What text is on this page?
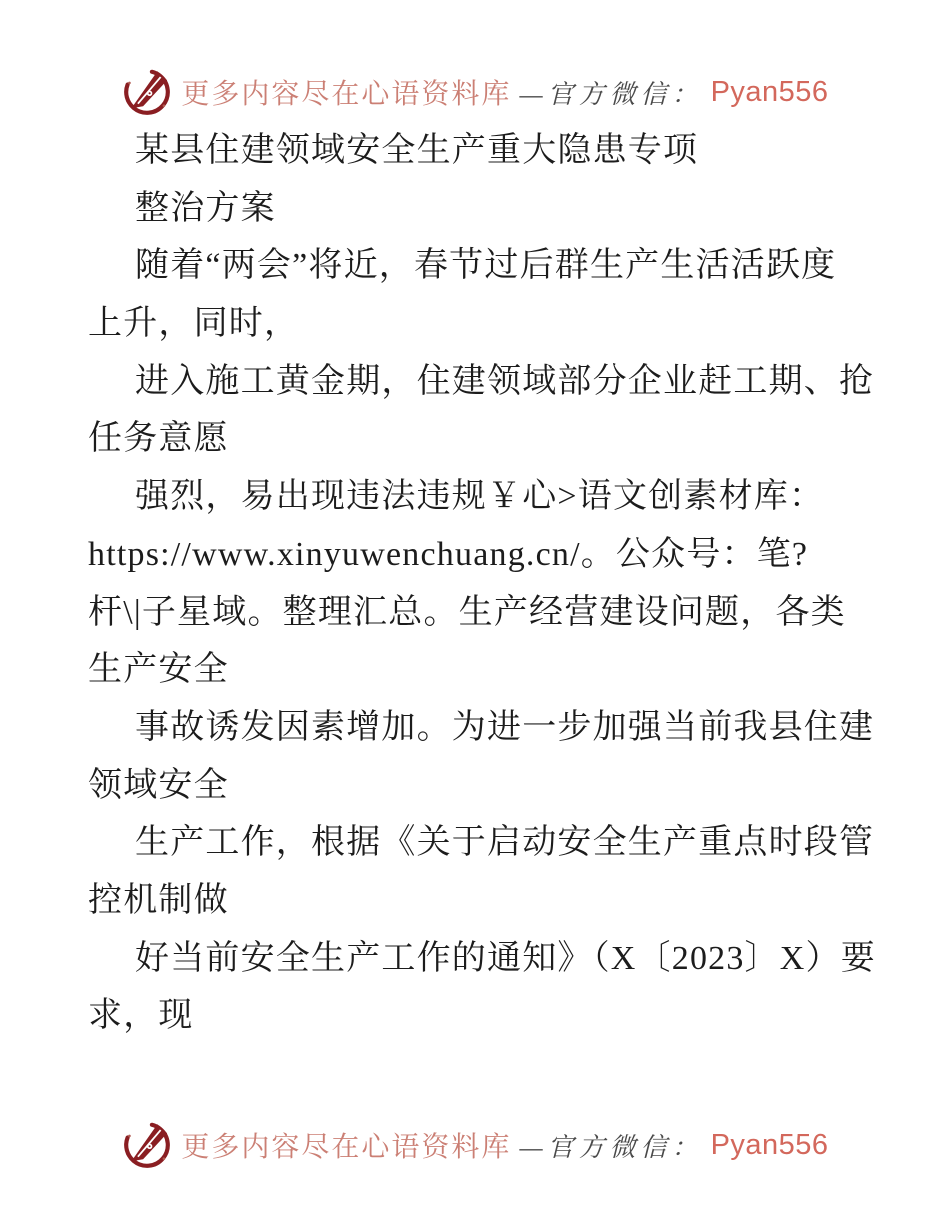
更多内容尽在心语资料库 —官方微信： Pyan556
某县住建领域安全生产重大隐患专项
整治方案
随着“两会”将近，春节过后群生产生活活跃度
上升，同时，
进入施工黄金期，住建领域部分企业赶工期、抢
任务意愿
强烈，易出现违法违规￥心>语文创素材库：
https://www.xinyuwenchuang.cn/。公众号：笔?
杆\|子星域。整理汇总。生产经营建设问题，各类
生产安全
事故诱发因素增加。为进一步加强当前我县住建
领域安全
生产工作，根据《关于启动安全生产重点时段管
控机制做
好当前安全生产工作的通知》（X〔2023〕X）要
求，现
更多内容尽在心语资料库 —官方微信： Pyan556
